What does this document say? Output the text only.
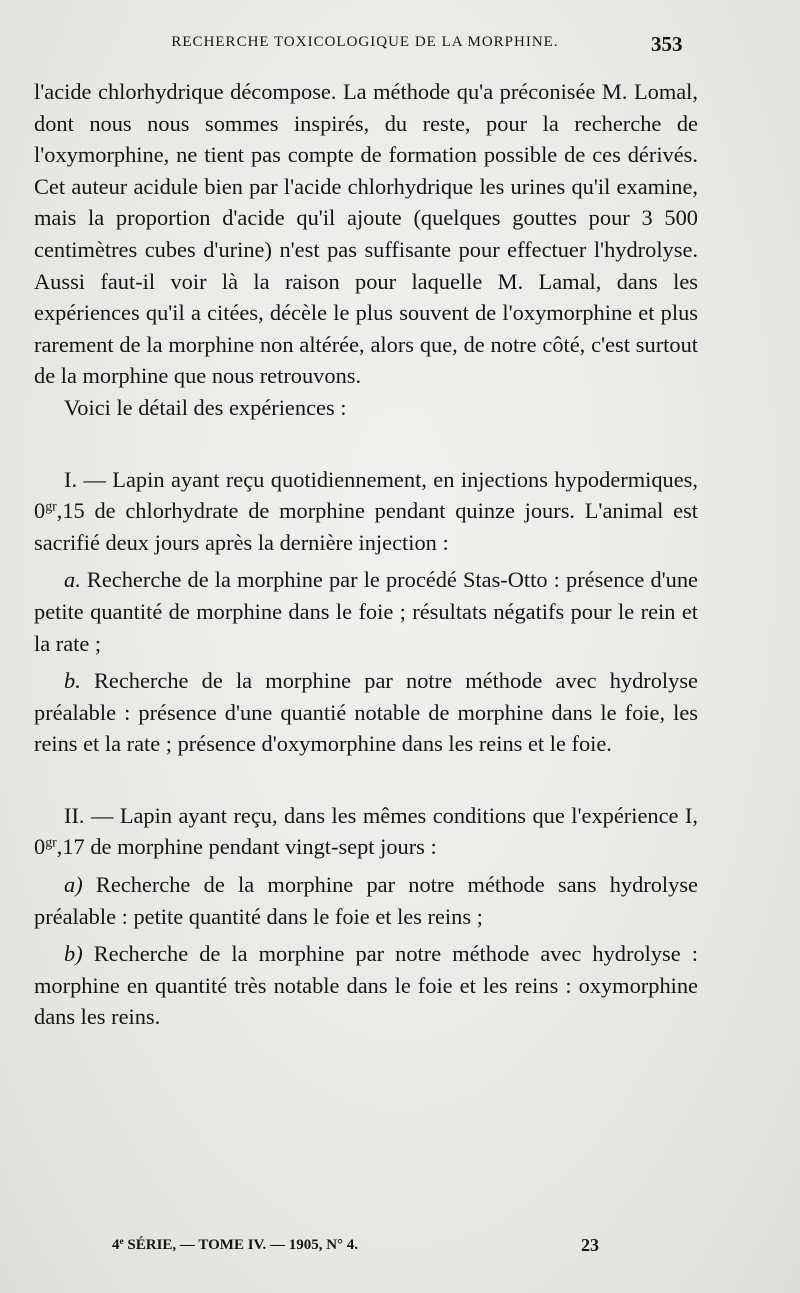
RECHERCHE TOXICOLOGIQUE DE LA MORPHINE.	353

l'acide chlorhydrique décompose. La méthode qu'a préconisée M. Lomal, dont nous nous sommes inspirés, du reste, pour la recherche de l'oxymorphine, ne tient pas compte de formation possible de ces dérivés. Cet auteur acidule bien par l'acide chlorhydrique les urines qu'il examine, mais la proportion d'acide qu'il ajoute (quelques gouttes pour 3 500 centimètres cubes d'urine) n'est pas suffisante pour effectuer l'hydrolyse. Aussi faut-il voir là la raison pour laquelle M. Lamal, dans les expériences qu'il a citées, décèle le plus souvent de l'oxymorphine et plus rarement de la morphine non altérée, alors que, de notre côté, c'est surtout de la morphine que nous retrouvons.

Voici le détail des expériences :

I. — Lapin ayant reçu quotidiennement, en injections hypodermiques, $0^{gr},15$ de chlorhydrate de morphine pendant quinze jours. L'animal est sacrifié deux jours après la dernière injection :

a. Recherche de la morphine par le procédé Stas-Otto : présence d'une petite quantité de morphine dans le foie ; résultats négatifs pour le rein et la rate ;

b. Recherche de la morphine par notre méthode avec hydrolyse préalable : présence d'une quantié notable de morphine dans le foie, les reins et la rate ; présence d'oxymorphine dans les reins et le foie.

II. — Lapin ayant reçu, dans les mêmes conditions que l'expérience I, $0^{gr},17$ de morphine pendant vingt-sept jours :

a) Recherche de la morphine par notre méthode sans hydrolyse préalable : petite quantité dans le foie et les reins ;

b) Recherche de la morphine par notre méthode avec hydrolyse : morphine en quantité très notable dans le foie et les reins : oxymorphine dans les reins.

4e SÉRIE, — TOME IV. — 1905, N° 4.	23
